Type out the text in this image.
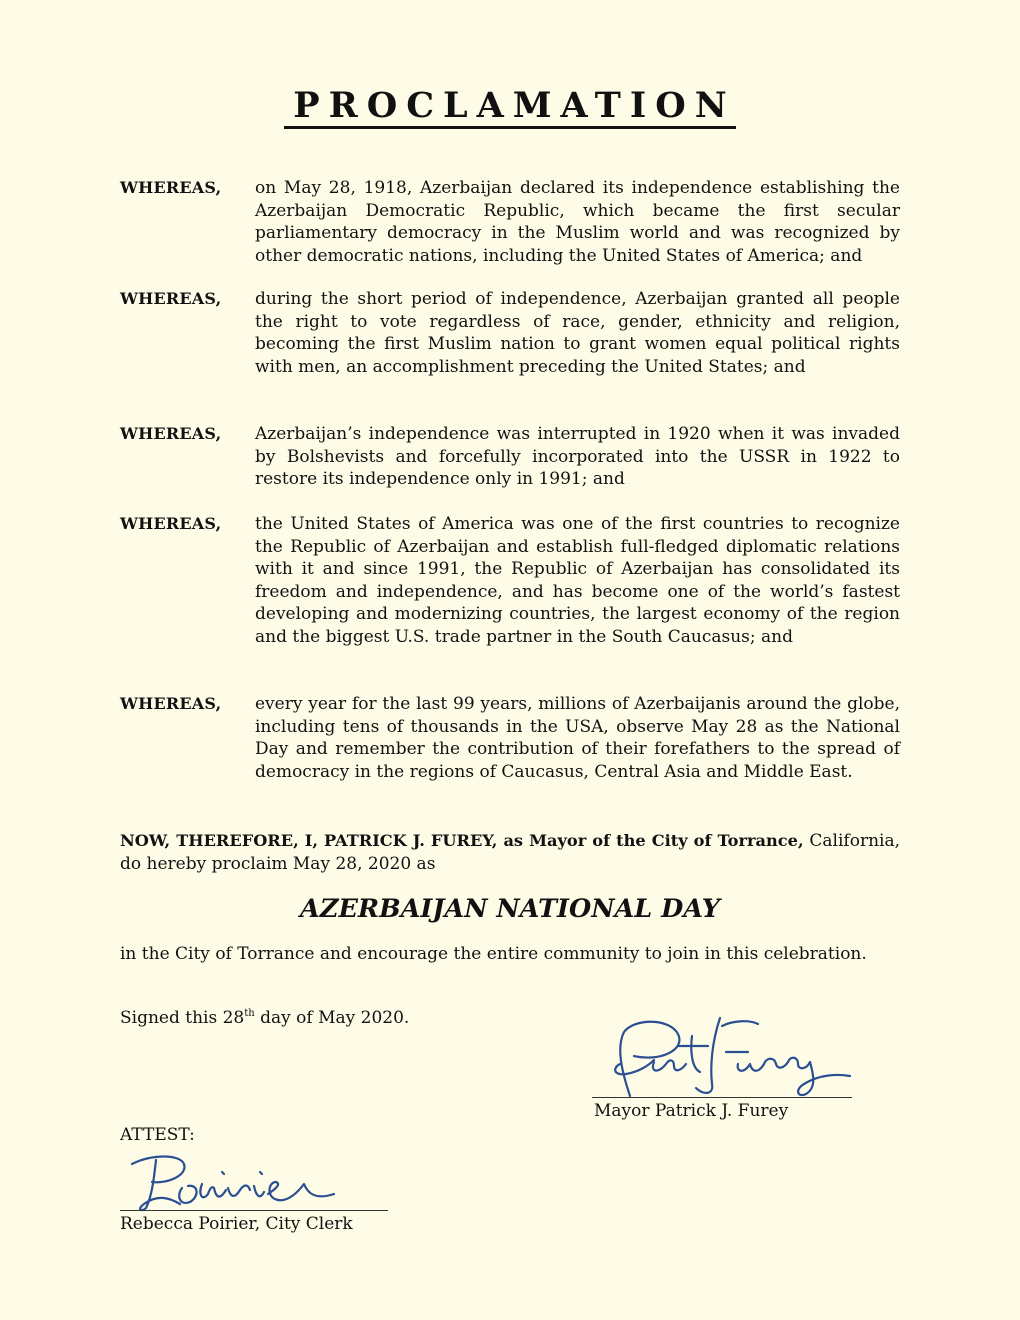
PROCLAMATION
WHEREAS, on May 28, 1918, Azerbaijan declared its independence establishing the Azerbaijan Democratic Republic, which became the first secular parliamentary democracy in the Muslim world and was recognized by other democratic nations, including the United States of America; and
WHEREAS, during the short period of independence, Azerbaijan granted all people the right to vote regardless of race, gender, ethnicity and religion, becoming the first Muslim nation to grant women equal political rights with men, an accomplishment preceding the United States; and
WHEREAS, Azerbaijan’s independence was interrupted in 1920 when it was invaded by Bolshevists and forcefully incorporated into the USSR in 1922 to restore its independence only in 1991; and
WHEREAS, the United States of America was one of the first countries to recognize the Republic of Azerbaijan and establish full-fledged diplomatic relations with it and since 1991, the Republic of Azerbaijan has consolidated its freedom and independence, and has become one of the world’s fastest developing and modernizing countries, the largest economy of the region and the biggest U.S. trade partner in the South Caucasus; and
WHEREAS, every year for the last 99 years, millions of Azerbaijanis around the globe, including tens of thousands in the USA, observe May 28 as the National Day and remember the contribution of their forefathers to the spread of democracy in the regions of Caucasus, Central Asia and Middle East.
NOW, THEREFORE, I, PATRICK J. FUREY, as Mayor of the City of Torrance, California, do hereby proclaim May 28, 2020 as
AZERBAIJAN NATIONAL DAY
in the City of Torrance and encourage the entire community to join in this celebration.
Signed this 28th day of May 2020.
Mayor Patrick J. Furey
ATTEST:
Rebecca Poirier, City Clerk
